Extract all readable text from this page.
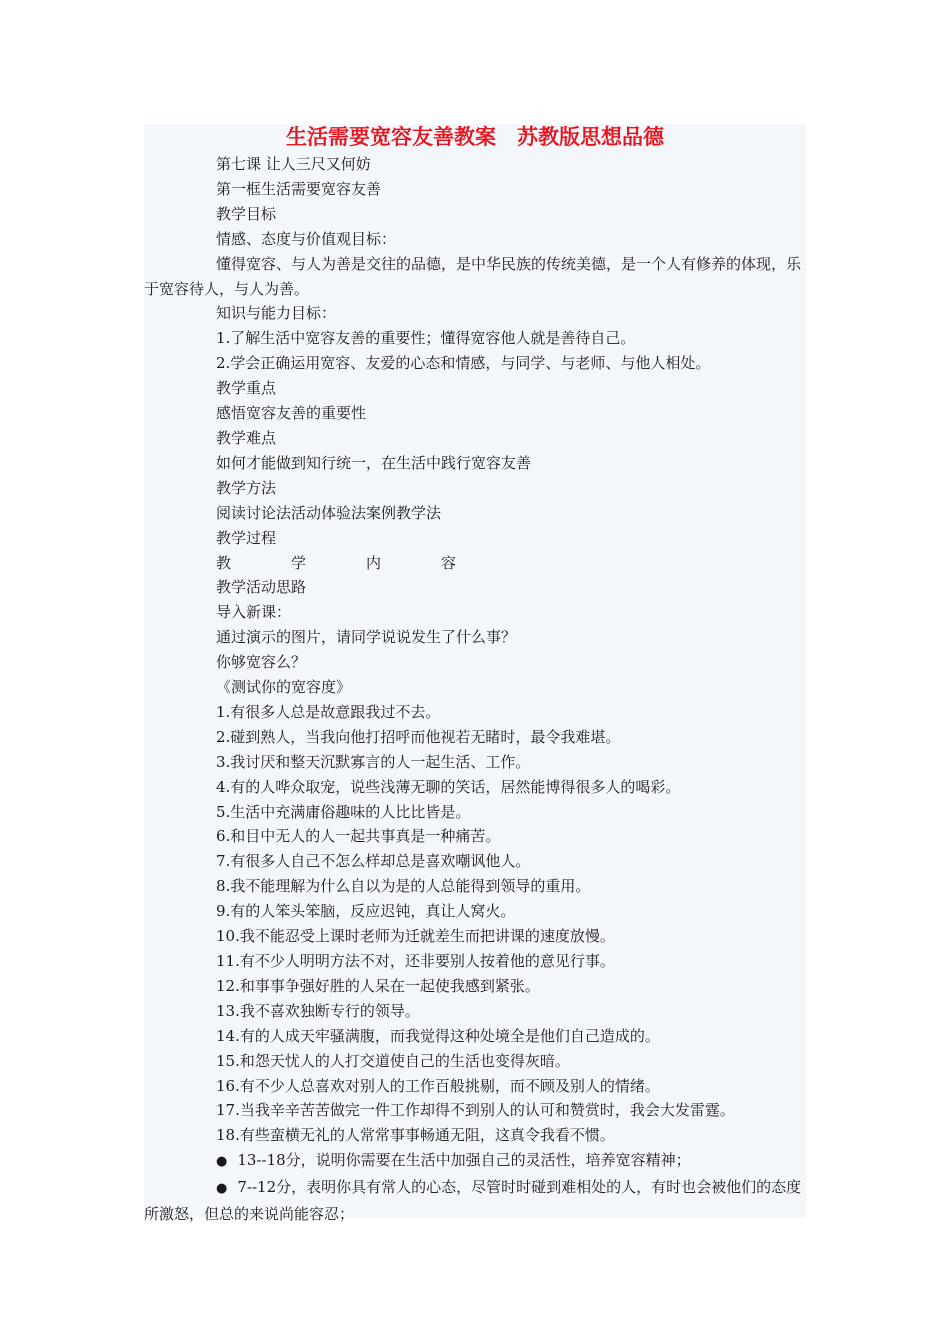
生活需要宽容友善教案　苏教版思想品德

第七课 让人三尺又何妨

第一框生活需要宽容友善

教学目标

情感、态度与价值观目标：

懂得宽容、与人为善是交往的品德，是中华民族的传统美德，是一个人有修养的体现，乐于宽容待人，与人为善。

知识与能力目标：

1.了解生活中宽容友善的重要性；懂得宽容他人就是善待自己。

2.学会正确运用宽容、友爱的心态和情感，与同学、与老师、与他人相处。

教学重点

感悟宽容友善的重要性

教学难点

如何才能做到知行统一，在生活中践行宽容友善

教学方法

阅读讨论法活动体验法案例教学法

教学过程

教	学	内	容

教学活动思路

导入新课：

通过演示的图片，请同学说说发生了什么事？

你够宽容么？

《测试你的宽容度》

1.有很多人总是故意跟我过不去。

2.碰到熟人，当我向他打招呼而他视若无睹时，最令我难堪。

3.我讨厌和整天沉默寡言的人一起生活、工作。

4.有的人哗众取宠，说些浅薄无聊的笑话，居然能博得很多人的喝彩。

5.生活中充满庸俗趣味的人比比皆是。

6.和目中无人的人一起共事真是一种痛苦。

7.有很多人自己不怎么样却总是喜欢嘲讽他人。

8.我不能理解为什么自以为是的人总能得到领导的重用。

9.有的人笨头笨脑，反应迟钝，真让人窝火。

10.我不能忍受上课时老师为迁就差生而把讲课的速度放慢。

11.有不少人明明方法不对，还非要别人按着他的意见行事。

12.和事事争强好胜的人呆在一起使我感到紧张。

13.我不喜欢独断专行的领导。

14.有的人成天牢骚满腹，而我觉得这种处境全是他们自己造成的。

15.和怨天忧人的人打交道使自己的生活也变得灰暗。

16.有不少人总喜欢对别人的工作百般挑剔，而不顾及别人的情绪。

17.当我辛辛苦苦做完一件工作却得不到别人的认可和赞赏时，我会大发雷霆。

18.有些蛮横无礼的人常常事事畅通无阻，这真令我看不惯。

● 13--18分，说明你需要在生活中加强自己的灵活性，培养宽容精神；

● 7--12分，表明你具有常人的心态，尽管时时碰到难相处的人，有时也会被他们的态度所激怒，但总的来说尚能容忍；
